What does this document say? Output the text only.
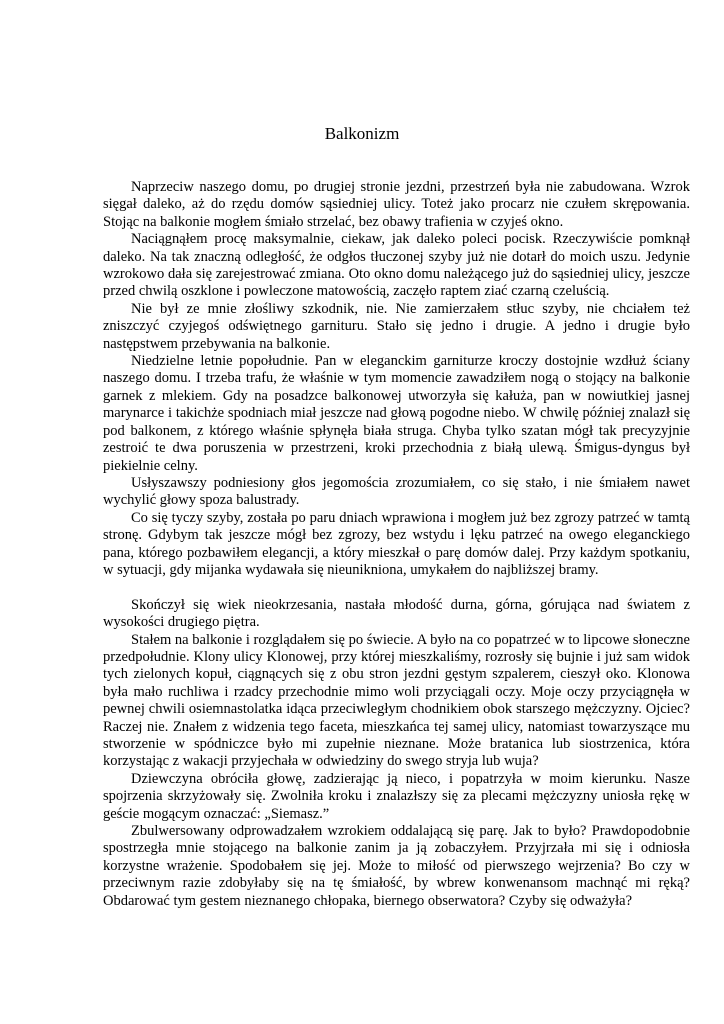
Balkonizm

Naprzeciw naszego domu, po drugiej stronie jezdni, przestrzeń była nie zabudowana. Wzrok sięgał daleko, aż do rzędu domów sąsiedniej ulicy. Toteż jako procarz nie czułem skrępowania. Stojąc na balkonie mogłem śmiało strzelać, bez obawy trafienia w czyjeś okno.

Naciągnąłem procę maksymalnie, ciekaw, jak daleko poleci pocisk. Rzeczywiście pomknął daleko. Na tak znaczną odległość, że odgłos tłuczonej szyby już nie dotarł do moich uszu. Jedynie wzrokowo dała się zarejestrować zmiana. Oto okno domu należącego już do sąsiedniej ulicy, jeszcze przed chwilą oszklone i powleczone matowością, zaczęło raptem ziać czarną czeluścią.

Nie był ze mnie złośliwy szkodnik, nie. Nie zamierzałem stłuc szyby, nie chciałem też zniszczyć czyjegoś odświętnego garnituru. Stało się jedno i drugie. A jedno i drugie było następstwem przebywania na balkonie.

Niedzielne letnie popołudnie. Pan w eleganckim garniturze kroczy dostojnie wzdłuż ściany naszego domu. I trzeba trafu, że właśnie w tym momencie zawadziłem nogą o stojący na balkonie garnek z mlekiem. Gdy na posadzce balkonowej utworzyła się kałuża, pan w nowiutkiej jasnej marynarce i takichże spodniach miał jeszcze nad głową pogodne niebo. W chwilę później znalazł się pod balkonem, z którego właśnie spłynęła biała struga. Chyba tylko szatan mógł tak precyzyjnie zestroić te dwa poruszenia w przestrzeni, kroki przechodnia z białą ulewą. Śmigus-dyngus był piekielnie celny.

Usłyszawszy podniesiony głos jegomościa zrozumiałem, co się stało, i nie śmiałem nawet wychylić głowy spoza balustrady.

Co się tyczy szyby, została po paru dniach wprawiona i mogłem już bez zgrozy patrzeć w tamtą stronę. Gdybym tak jeszcze mógł bez zgrozy, bez wstydu i lęku patrzeć na owego eleganckiego pana, którego pozbawiłem elegancji, a który mieszkał o parę domów dalej. Przy każdym spotkaniu, w sytuacji, gdy mijanka wydawała się nieuniknionа, umykałem do najbliższej bramy.

Skończył się wiek nieokrzesania, nastała młodość durna, górna, górująca nad światem z wysokości drugiego piętra.

Stałem na balkonie i rozglądałem się po świecie. A było na co popatrzeć w to lipcowe słoneczne przedpołudnie. Klony ulicy Klonowej, przy której mieszkaliśmy, rozrosły się bujnie i już sam widok tych zielonych kopuł, ciągnących się z obu stron jezdni gęstym szpalerem, cieszył oko. Klonowa była mało ruchliwa i rzadcy przechodnie mimo woli przyciągali oczy. Moje oczy przyciągnęła w pewnej chwili osiemnastolatka idąca przeciwległym chodnikiem obok starszego mężczyzny. Ojciec? Raczej nie. Znałem z widzenia tego faceta, mieszkańca tej samej ulicy, natomiast towarzyszące mu stworzenie w spódniczce było mi zupełnie nieznane. Może bratanica lub siostrzenica, która korzystając z wakacji przyjechała w odwiedziny do swego stryja lub wuja?

Dziewczyna obróciła głowę, zadzierając ją nieco, i popatrzyła w moim kierunku. Nasze spojrzenia skrzyżowały się. Zwolniła kroku i znalazłszy się za plecami mężczyzny uniosła rękę w geście mogącym oznaczać: „Siemasz.”

Zbulwersowany odprowadzałem wzrokiem oddalającą się parę. Jak to było? Prawdopodobnie spostrzegła mnie stojącego na balkonie zanim ja ją zobaczyłem. Przyjrzała mi się i odniosła korzystne wrażenie. Spodobałem się jej. Może to miłość od pierwszego wejrzenia? Bo czy w przeciwnym razie zdobyłaby się na tę śmiałość, by wbrew konwenansom machnąć mi ręką? Obdarować tym gestem nieznanego chłopaka, biernego obserwatora? Czyby się odważyła?
